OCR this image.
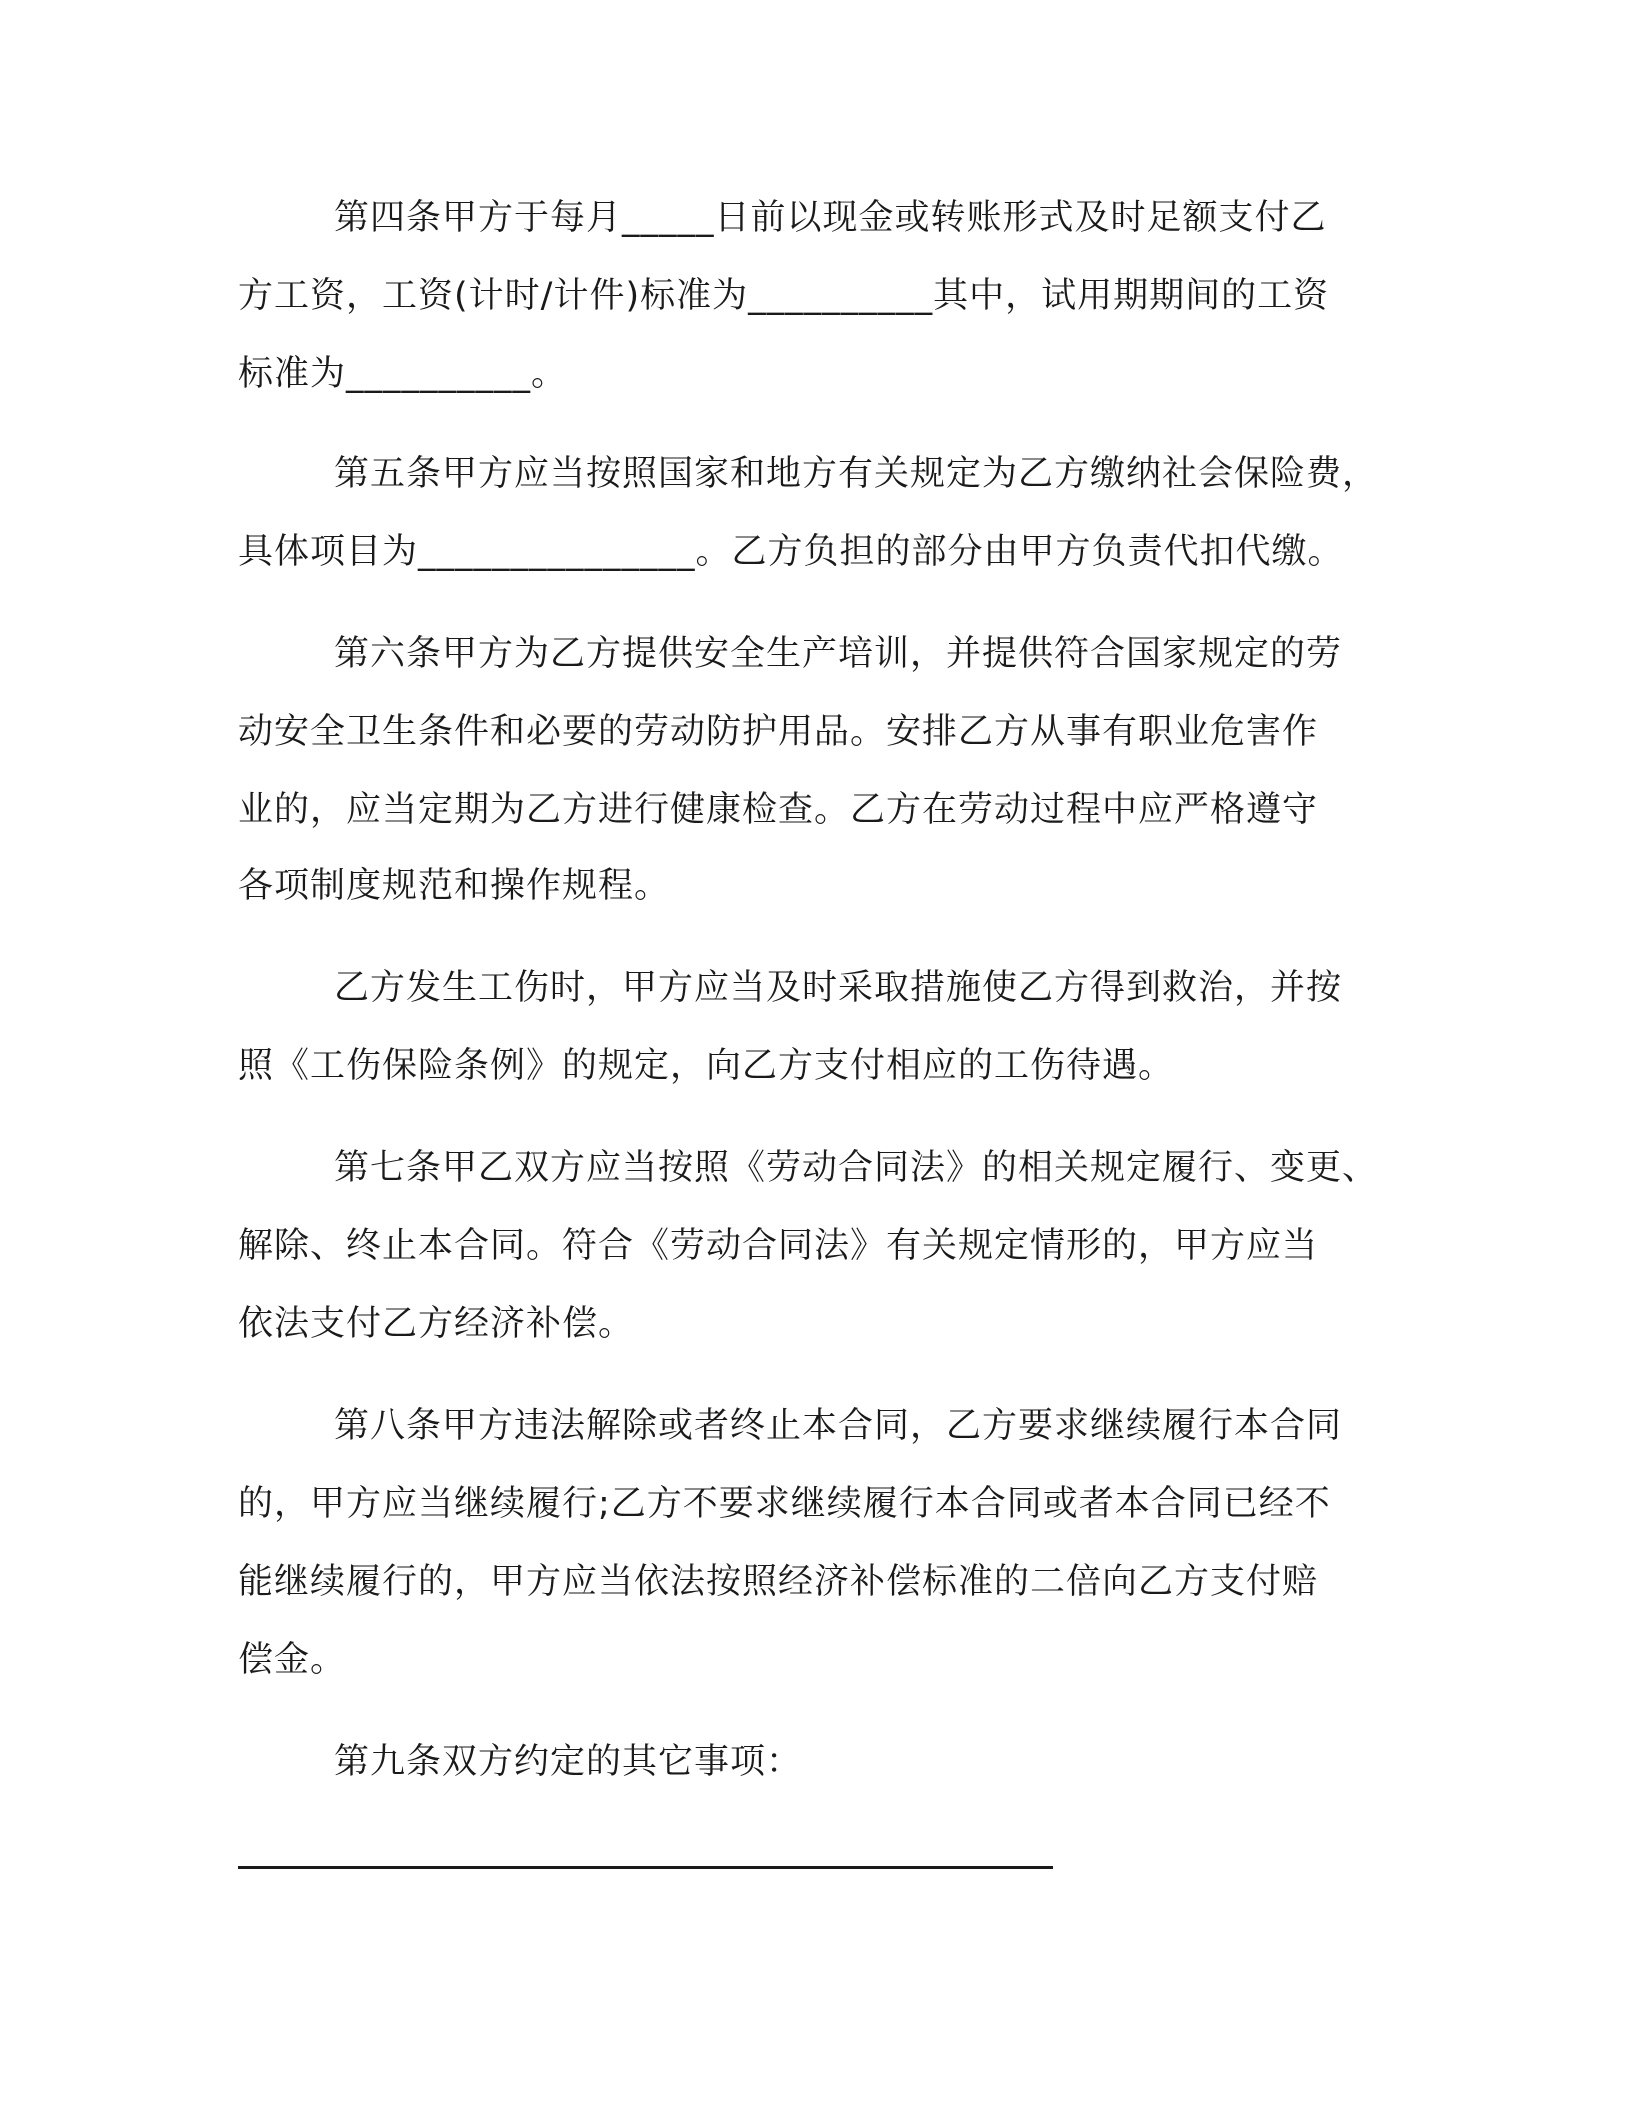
第四条甲方于每月_____日前以现金或转账形式及时足额支付乙
方工资，工资(计时/计件)标准为__________其中，试用期期间的工资
标准为__________。
第五条甲方应当按照国家和地方有关规定为乙方缴纳社会保险费，
具体项目为_______________。乙方负担的部分由甲方负责代扣代缴。
第六条甲方为乙方提供安全生产培训，并提供符合国家规定的劳
动安全卫生条件和必要的劳动防护用品。安排乙方从事有职业危害作
业的，应当定期为乙方进行健康检查。乙方在劳动过程中应严格遵守
各项制度规范和操作规程。
乙方发生工伤时，甲方应当及时采取措施使乙方得到救治，并按
照《工伤保险条例》的规定，向乙方支付相应的工伤待遇。
第七条甲乙双方应当按照《劳动合同法》的相关规定履行、变更、
解除、终止本合同。符合《劳动合同法》有关规定情形的，甲方应当
依法支付乙方经济补偿。
第八条甲方违法解除或者终止本合同，乙方要求继续履行本合同
的，甲方应当继续履行;乙方不要求继续履行本合同或者本合同已经不
能继续履行的，甲方应当依法按照经济补偿标准的二倍向乙方支付赔
偿金。
第九条双方约定的其它事项：
